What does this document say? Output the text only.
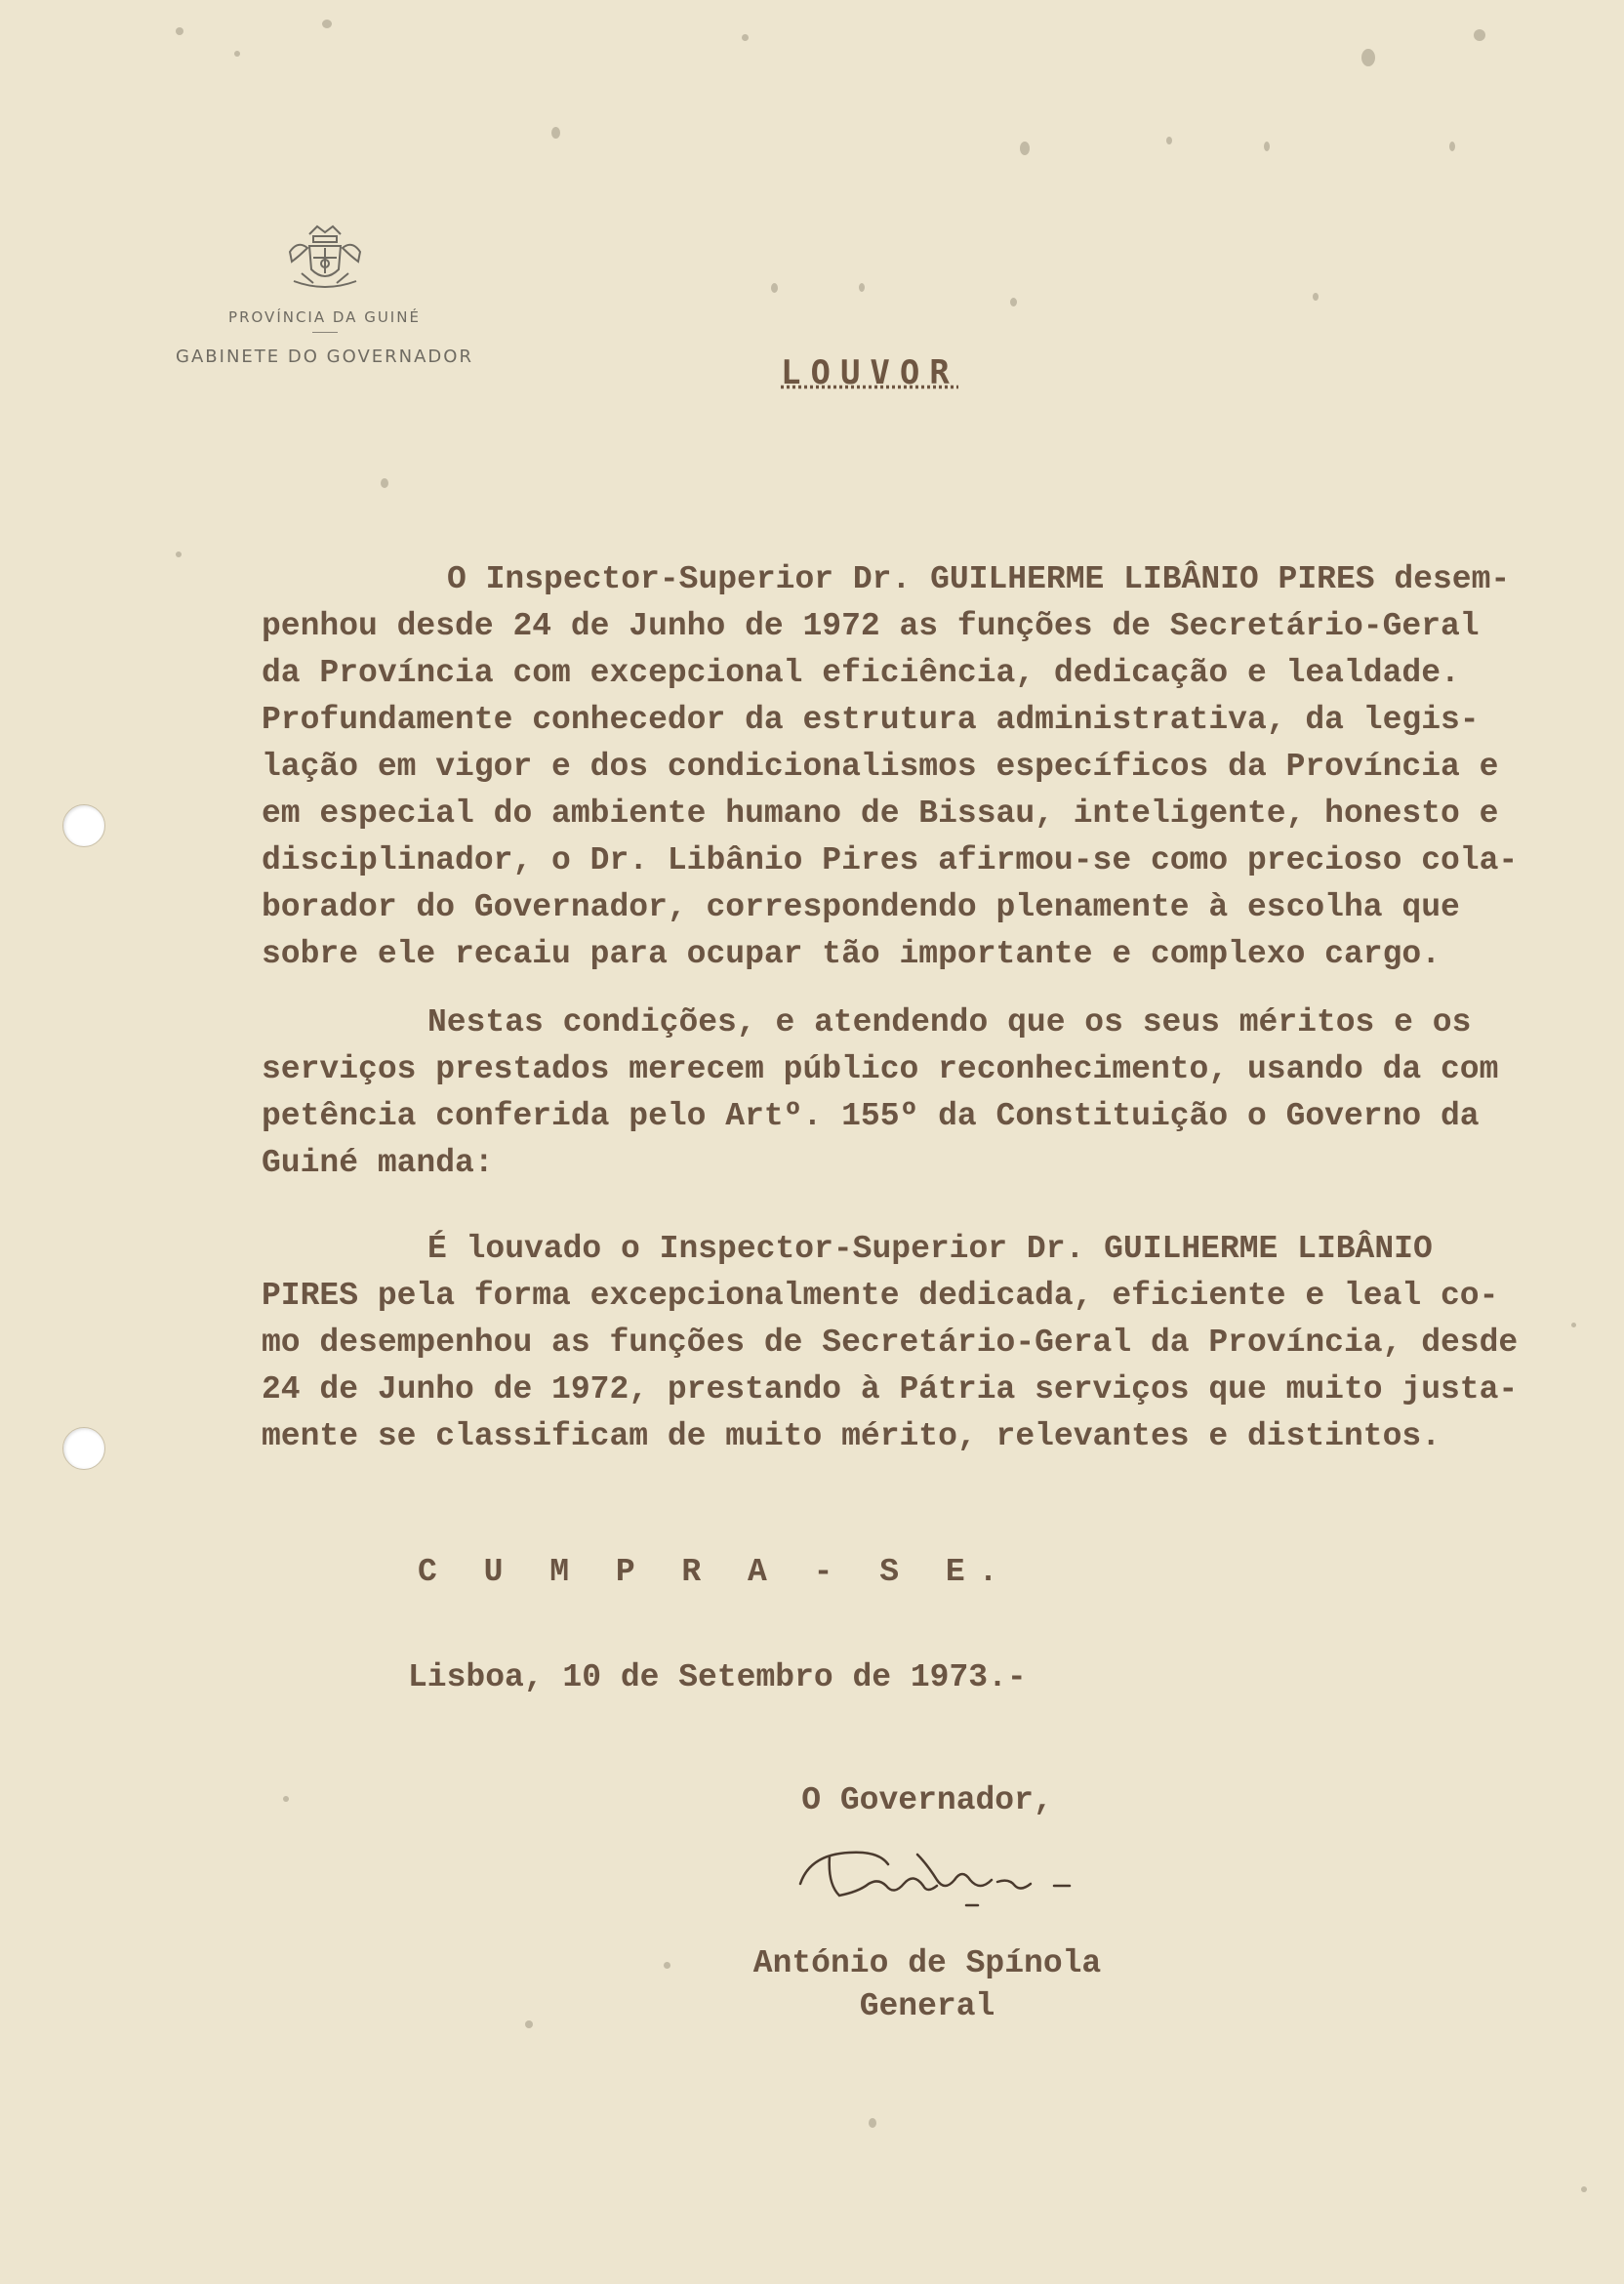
PROVÍNCIA DA GUINÉ
GABINETE DO GOVERNADOR	LOUVOR
O Inspector-Superior Dr. GUILHERME LIBÂNIO PIRES desem-
penhou desde 24 de Junho de 1972 as funções de Secretário-Geral
da Província com excepcional eficiência, dedicação e lealdade.
Profundamente conhecedor da estrutura administrativa, da legis-
lação em vigor e dos condicionalismos específicos da Província e
em especial do ambiente humano de Bissau, inteligente, honesto e
disciplinador, o Dr. Libânio Pires afirmou-se como precioso cola-
borador do Governador, correspondendo plenamente à escolha que
sobre ele recaiu para ocupar tão importante e complexo cargo.
Nestas condições, e atendendo que os seus méritos e os
serviços prestados merecem público reconhecimento, usando da com
petência conferida pelo Artº. 155º da Constituição o Governo da
Guiné manda:
É louvado o Inspector-Superior Dr. GUILHERME LIBÂNIO
PIRES pela forma excepcionalmente dedicada, eficiente e leal co-
mo desempenhou as funções de Secretário-Geral da Província, desde
24 de Junho de 1972, prestando à Pátria serviços que muito justa-
mente se classificam de muito mérito, relevantes e distintos.
C U M P R A - S E.
Lisboa, 10 de Setembro de 1973.-
O Governador,
António de Spínola
General
